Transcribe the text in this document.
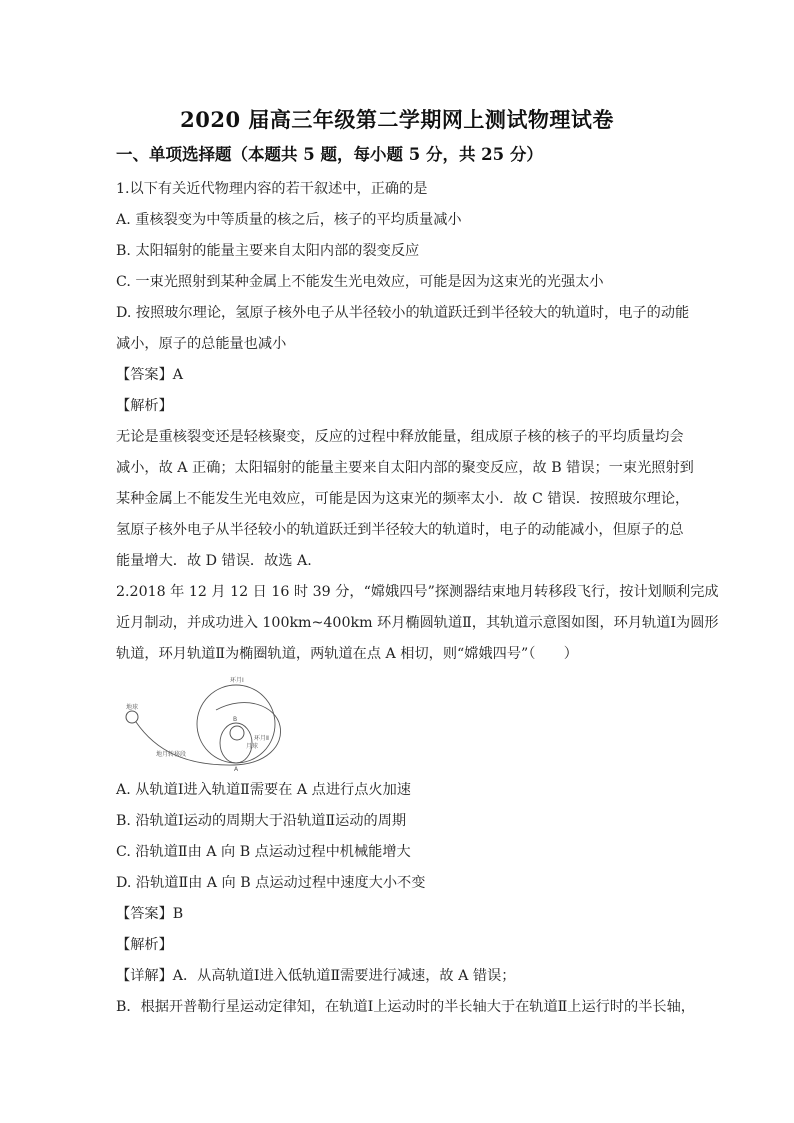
2020 届高三年级第二学期网上测试物理试卷
一、单项选择题（本题共 5 题，每小题 5 分，共 25 分）
1.以下有关近代物理内容的若干叙述中，正确的是
A. 重核裂变为中等质量的核之后，核子的平均质量减小
B. 太阳辐射的能量主要来自太阳内部的裂变反应
C. 一束光照射到某种金属上不能发生光电效应，可能是因为这束光的光强太小
D. 按照玻尔理论，氢原子核外电子从半径较小的轨道跃迁到半径较大的轨道时，电子的动能
减小，原子的总能量也减小
【答案】A
【解析】
无论是重核裂变还是轻核聚变，反应的过程中释放能量，组成原子核的核子的平均质量均会
减小，故 A 正确；太阳辐射的能量主要来自太阳内部的聚变反应，故 B 错误；一束光照射到
某种金属上不能发生光电效应，可能是因为这束光的频率太小．故 C 错误．按照玻尔理论，
氢原子核外电子从半径较小的轨道跃迁到半径较大的轨道时，电子的动能减小，但原子的总
能量增大．故 D 错误．故选 A.
2.2018 年 12 月 12 日 16 时 39 分，“嫦娥四号”探测器结束地月转移段飞行，按计划顺利完成
近月制动，并成功进入 100km~400km 环月椭圆轨道Ⅱ，其轨道示意图如图，环月轨道Ⅰ为圆形
轨道，环月轨道Ⅱ为椭圈轨道，两轨道在点 A 相切，则“嫦娥四号”（　　）
地球
地月转移段
环月Ⅰ
环月Ⅱ
月球
B
A
A. 从轨道Ⅰ进入轨道Ⅱ需要在 A 点进行点火加速
B. 沿轨道Ⅰ运动的周期大于沿轨道Ⅱ运动的周期
C. 沿轨道Ⅱ由 A 向 B 点运动过程中机械能增大
D. 沿轨道Ⅱ由 A 向 B 点运动过程中速度大小不变
【答案】B
【解析】
【详解】A．从高轨道Ⅰ进入低轨道Ⅱ需要进行减速，故 A 错误；
B．根据开普勒行星运动定律知，在轨道Ⅰ上运动时的半长轴大于在轨道Ⅱ上运行时的半长轴，
